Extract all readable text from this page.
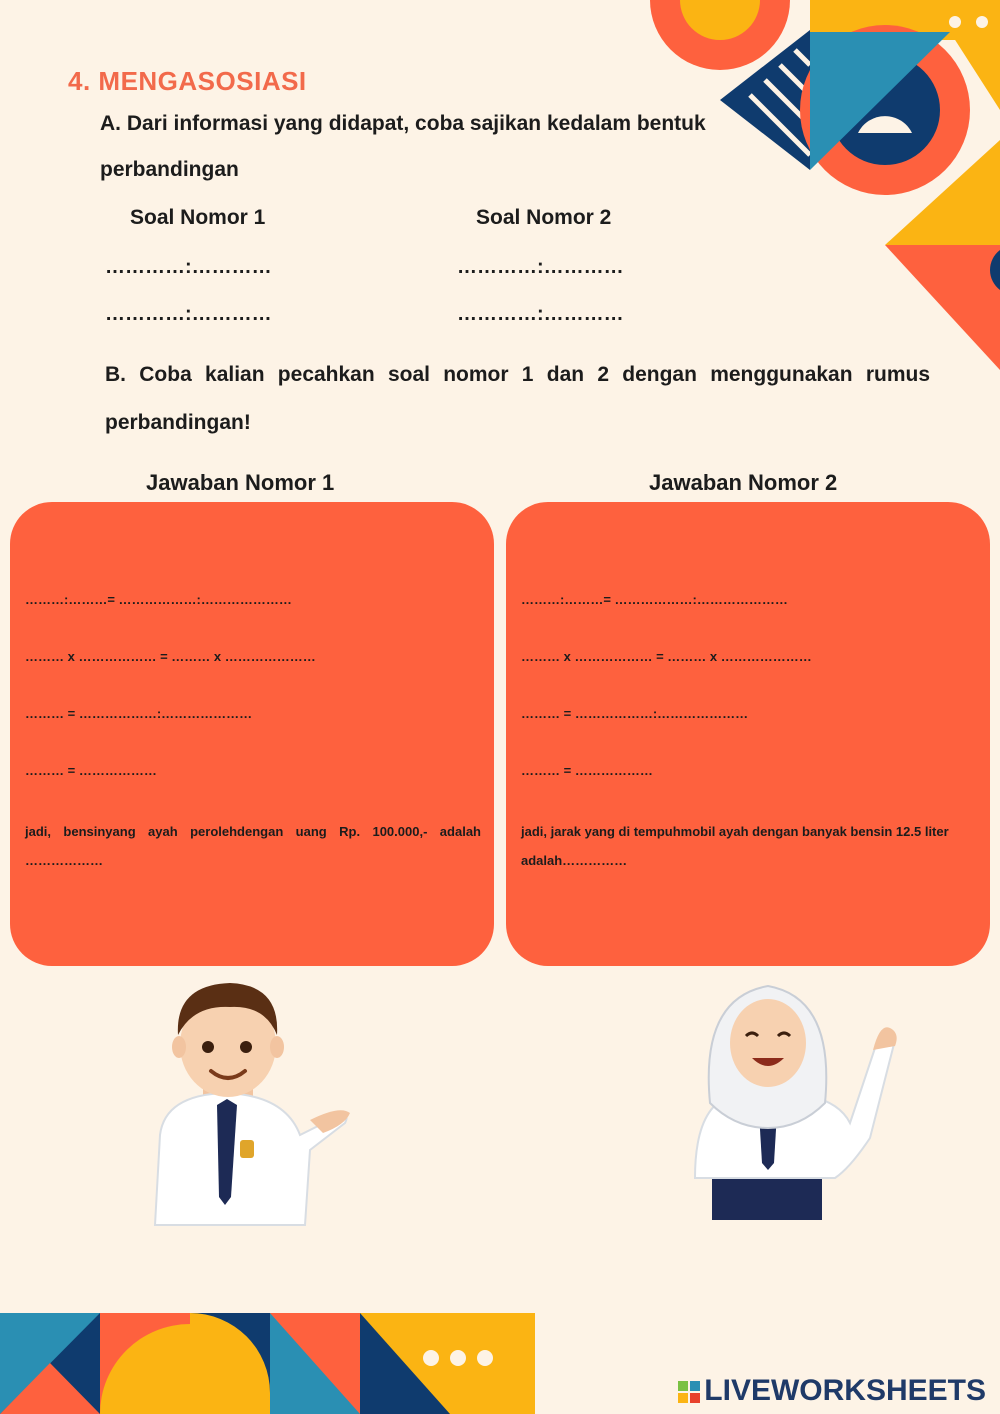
4. MENGASOSIASI
A. Dari informasi yang didapat, coba sajikan kedalam bentuk
perbandingan
Soal Nomor 1	Soal Nomor 2
…………:…………
…………:…………
…………:…………
…………:…………
B. Coba kalian pecahkan soal nomor 1 dan 2 dengan menggunakan rumus
perbandingan!
Jawaban Nomor 1	Jawaban Nomor 2
………:………= ………………:…………………
……… x ……………… = ……… x …………………
……… = ………………:…………………
……… = ………………
jadi, bensinyang ayah perolehdengan uang Rp. 100.000,- adalah
………………
………:………= ………………:…………………
……… x ……………… = ……… x …………………
……… = ………………:…………………
……… = ………………
jadi, jarak yang di tempuhmobil ayah dengan banyak bensin 12.5 liter
adalah……………
LIVEWORKSHEETS
